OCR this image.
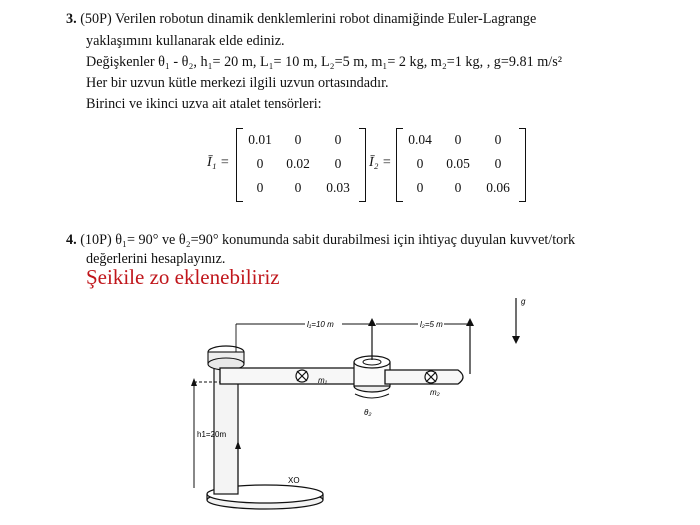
3. (50P) Verilen robotun dinamik denklemlerini robot dinamiğinde Euler-Lagrange
yaklaşımını kullanarak elde ediniz.
Değişkenler θ₁ - θ₂, h₁= 20 m, L₁= 10 m, L₂=5 m, m₁= 2 kg, m₂=1 kg, , g=9.81 m/s²
Her bir uzvun kütle merkezi ilgili uzvun ortasındadır.
Birinci ve ikinci uzva ait atalet tensörleri:
Ī₁ =
0.01	0	0
0	0.02	0
0	0	0.03
Ī₂ =
0.04	0	0
0	0.05	0
0	0	0.06
4. (10P) θ₁= 90° ve θ₂=90° konumunda sabit durabilmesi için ihtiyaç duyulan kuvvet/tork
değerlerini hesaplayınız.
Şeikile zo eklenebiliriz
l₁=10 m	l₂=5 m
m₁
m₂
θ₂
h1=20m
XO
g
